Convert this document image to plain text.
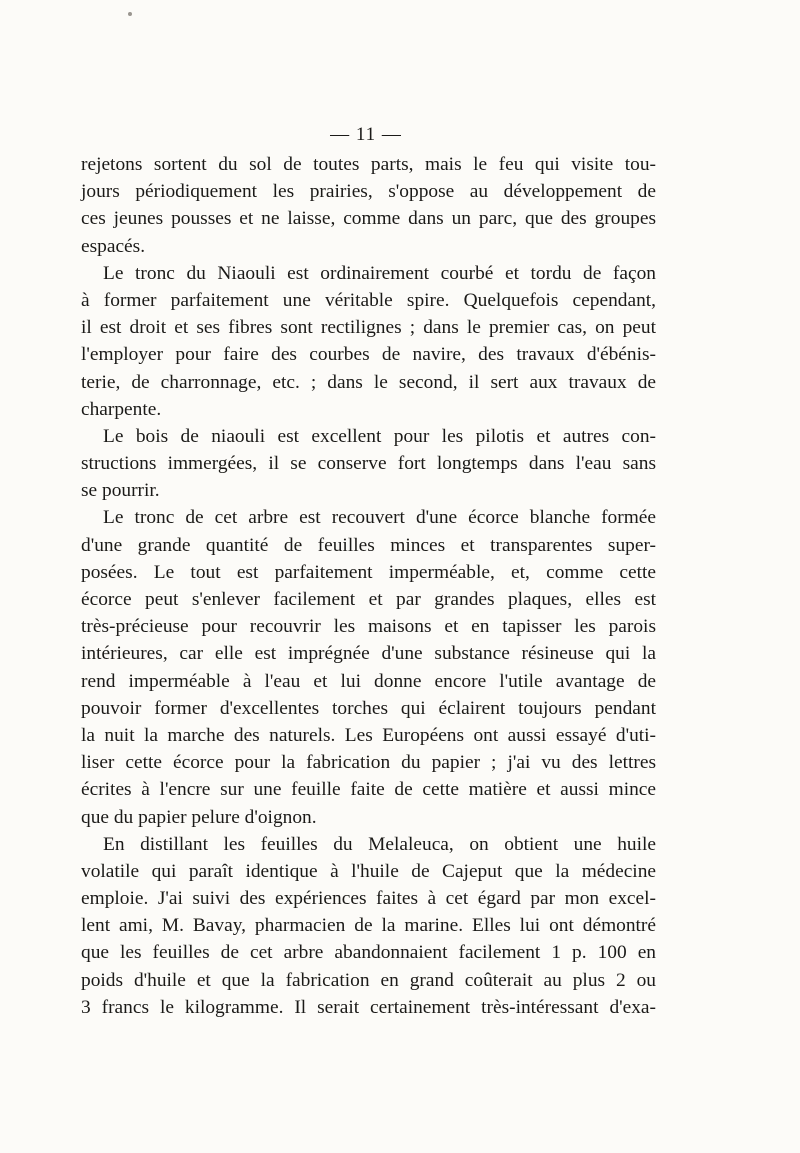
— 11 —
rejetons sortent du sol de toutes parts, mais le feu qui visite tou-
jours périodiquement les prairies, s'oppose au développement de
ces jeunes pousses et ne laisse, comme dans un parc, que des groupes
espacés.
Le tronc du Niaouli est ordinairement courbé et tordu de façon
à former parfaitement une véritable spire. Quelquefois cependant,
il est droit et ses fibres sont rectilignes ; dans le premier cas, on peut
l'employer pour faire des courbes de navire, des travaux d'ébénis-
terie, de charronnage, etc. ; dans le second, il sert aux travaux de
charpente.
Le bois de niaouli est excellent pour les pilotis et autres con-
structions immergées, il se conserve fort longtemps dans l'eau sans
se pourrir.
Le tronc de cet arbre est recouvert d'une écorce blanche formée
d'une grande quantité de feuilles minces et transparentes super-
posées. Le tout est parfaitement imperméable, et, comme cette
écorce peut s'enlever facilement et par grandes plaques, elles est
très-précieuse pour recouvrir les maisons et en tapisser les parois
intérieures, car elle est imprégnée d'une substance résineuse qui la
rend imperméable à l'eau et lui donne encore l'utile avantage de
pouvoir former d'excellentes torches qui éclairent toujours pendant
la nuit la marche des naturels. Les Européens ont aussi essayé d'uti-
liser cette écorce pour la fabrication du papier ; j'ai vu des lettres
écrites à l'encre sur une feuille faite de cette matière et aussi mince
que du papier pelure d'oignon.
En distillant les feuilles du Melaleuca, on obtient une huile
volatile qui paraît identique à l'huile de Cajeput que la médecine
emploie. J'ai suivi des expériences faites à cet égard par mon excel-
lent ami, M. Bavay, pharmacien de la marine. Elles lui ont démontré
que les feuilles de cet arbre abandonnaient facilement 1 p. 100 en
poids d'huile et que la fabrication en grand coûterait au plus 2 ou
3 francs le kilogramme. Il serait certainement très-intéressant d'exa-
